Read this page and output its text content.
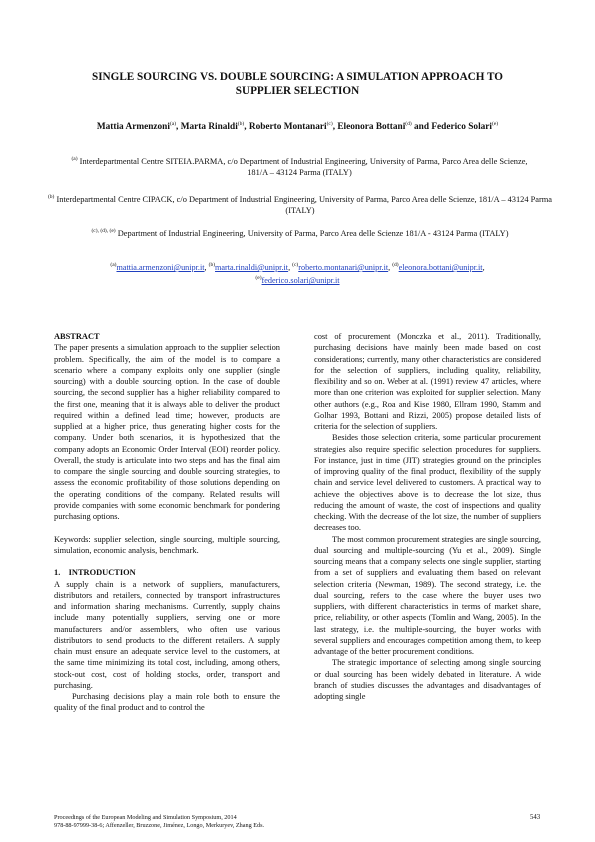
SINGLE SOURCING VS. DOUBLE SOURCING: A SIMULATION APPROACH TO SUPPLIER SELECTION
Mattia Armenzoni$^{(a)}$, Marta Rinaldi$^{(b)}$, Roberto Montanari$^{(c)}$, Eleonora Bottani$^{(d)}$ and Federico Solari$^{(e)}$
$^{(a)}$ Interdepartmental Centre SITEIA.PARMA, c/o Department of Industrial Engineering, University of Parma, Parco Area delle Scienze, 181/A – 43124 Parma (ITALY)
$^{(b)}$ Interdepartmental Centre CIPACK, c/o Department of Industrial Engineering, University of Parma, Parco Area delle Scienze, 181/A – 43124 Parma (ITALY)
$^{(c), (d), (e)}$ Department of Industrial Engineering, University of Parma, Parco Area delle Scienze 181/A - 43124 Parma (ITALY)
$^{(a)}$mattia.armenzoni@unipr.it, $^{(b)}$marta.rinaldi@unipr.it, $^{(c)}$roberto.montanari@unipr.it, $^{(d)}$eleonora.bottani@unipr.it,
$^{(e)}$federico.solari@unipr.it

ABSTRACT

The paper presents a simulation approach to the supplier selection problem. Specifically, the aim of the model is to compare a scenario where a company exploits only one supplier (single sourcing) with a double sourcing option. In the case of double sourcing, the second supplier has a higher reliability compared to the first one, meaning that it is always able to deliver the product required within a defined lead time; however, products are supplied at a higher price, thus generating higher costs for the company. Under both scenarios, it is hypothesized that the company adopts an Economic Order Interval (EOI) reorder policy. Overall, the study is articulate into two steps and has the final aim to compare the single sourcing and double sourcing strategies, to assess the economic profitability of those solutions depending on the operating conditions of the company. Related results will provide companies with some economic benchmark for pondering purchasing options.

Keywords: supplier selection, single sourcing, multiple sourcing, simulation, economic analysis, benchmark.

1.    INTRODUCTION

A supply chain is a network of suppliers, manufacturers, distributors and retailers, connected by transport infrastructures and information sharing mechanisms. Currently, supply chains include many potentially suppliers, serving one or more manufacturers and/or assemblers, who often use various distributors to send products to the different retailers. A supply chain must ensure an adequate service level to the customers, at the same time minimizing its total cost, including, among others, stock-out cost, cost of holding stocks, order, transport and purchasing.

Purchasing decisions play a main role both to ensure the quality of the final product and to control the

cost of procurement (Monczka et al., 2011). Traditionally, purchasing decisions have mainly been made based on cost considerations; currently, many other characteristics are considered for the selection of suppliers, including quality, reliability, flexibility and so on. Weber at al. (1991) review 47 articles, where more than one criterion was exploited for supplier selection. Many other authors (e.g., Roa and Kise 1980, Ellram 1990, Stamm and Golhar 1993, Bottani and Rizzi, 2005) propose detailed lists of criteria for the selection of suppliers.

Besides those selection criteria, some particular procurement strategies also require specific selection procedures for suppliers. For instance, just in time (JIT) strategies ground on the principles of improving quality of the final product, flexibility of the supply chain and service level delivered to customers. A practical way to achieve the objectives above is to decrease the lot size, thus reducing the amount of waste, the cost of inspections and quality checking. With the decrease of the lot size, the number of suppliers decreases too.

The most common procurement strategies are single sourcing, dual sourcing and multiple-sourcing (Yu et al., 2009). Single sourcing means that a company selects one single supplier, starting from a set of suppliers and evaluating them based on relevant selection criteria (Newman, 1989). The second strategy, i.e. the dual sourcing, refers to the case where the buyer uses two suppliers, with different characteristics in terms of market share, price, reliability, or other aspects (Tomlin and Wang, 2005). In the last strategy, i.e. the multiple-sourcing, the buyer works with several suppliers and encourages competition among them, to keep advantage of the better procurement conditions.

The strategic importance of selecting among single sourcing or dual sourcing has been widely debated in literature. A wide branch of studies discusses the advantages and disadvantages of adopting single

Proceedings of the European Modeling and Simulation Symposium, 2014
978-88-97999-38-6; Affenzeller, Bruzzone, Jiménez, Longo, Merkuryev, Zhang Eds.
543
